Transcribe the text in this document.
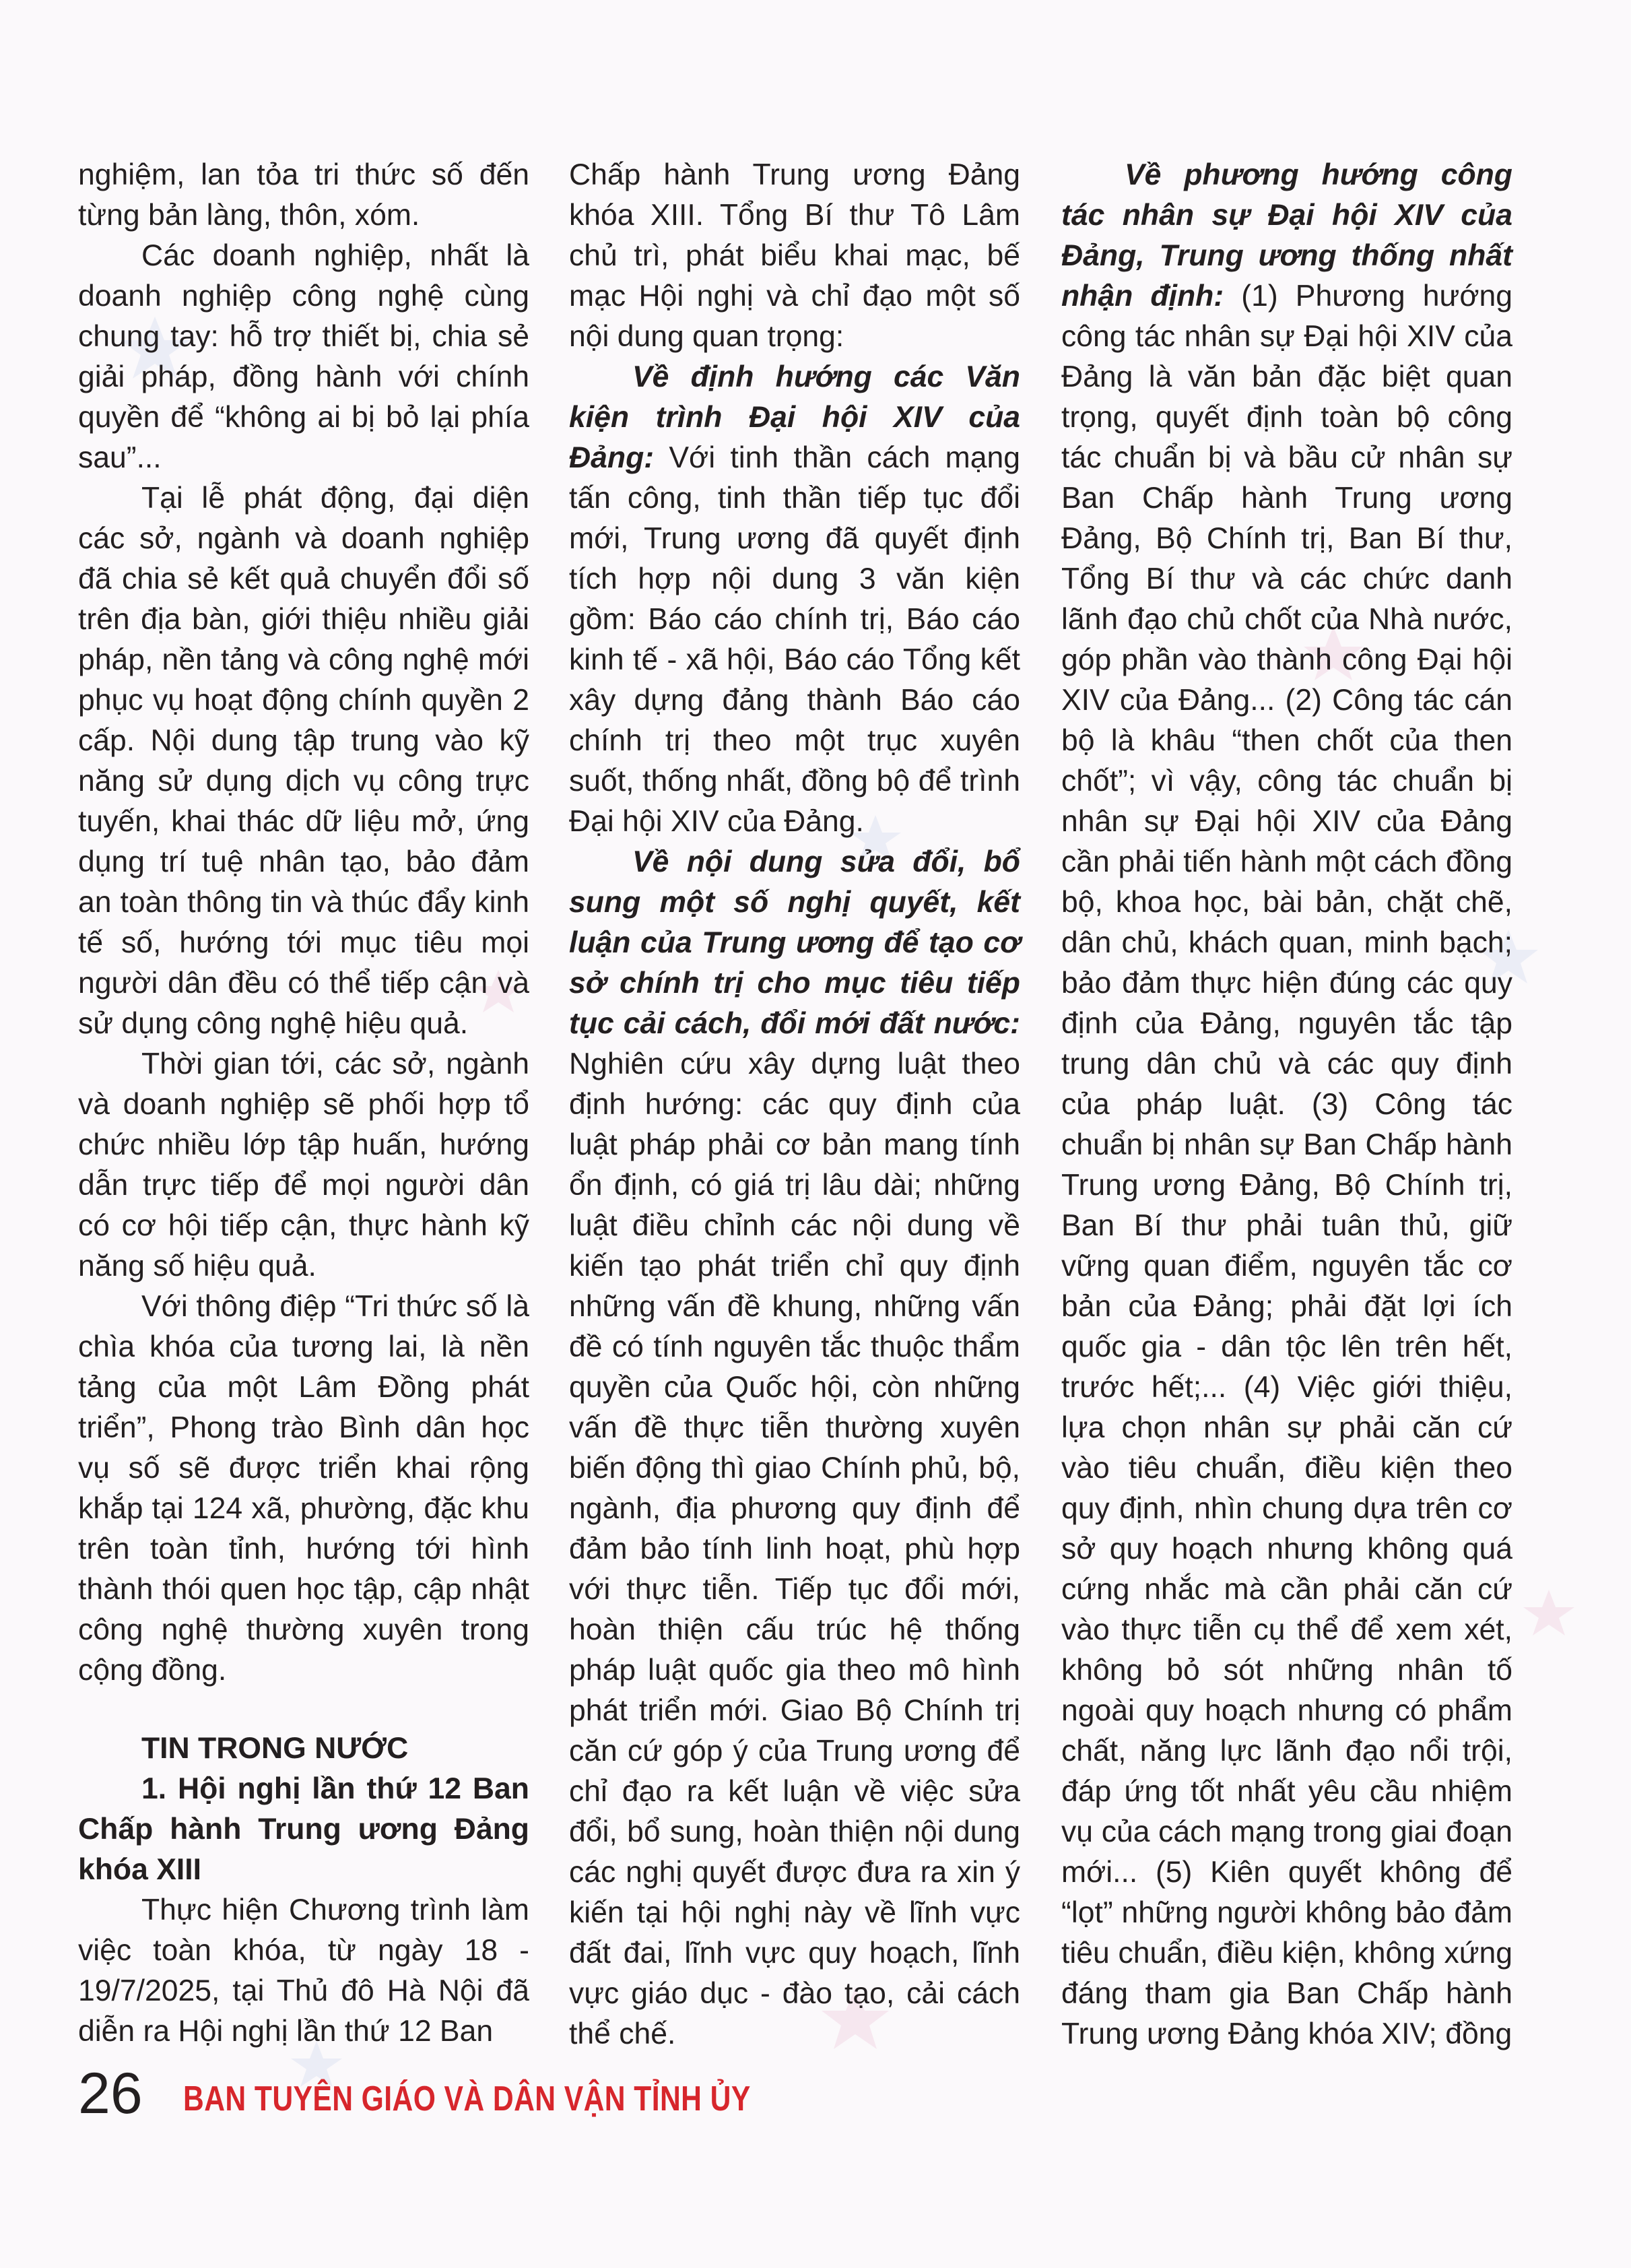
nghiệm, lan tỏa tri thức số đến từng bản làng, thôn, xóm.

Các doanh nghiệp, nhất là doanh nghiệp công nghệ cùng chung tay: hỗ trợ thiết bị, chia sẻ giải pháp, đồng hành với chính quyền để “không ai bị bỏ lại phía sau”...

Tại lễ phát động, đại diện các sở, ngành và doanh nghiệp đã chia sẻ kết quả chuyển đổi số trên địa bàn, giới thiệu nhiều giải pháp, nền tảng và công nghệ mới phục vụ hoạt động chính quyền 2 cấp. Nội dung tập trung vào kỹ năng sử dụng dịch vụ công trực tuyến, khai thác dữ liệu mở, ứng dụng trí tuệ nhân tạo, bảo đảm an toàn thông tin và thúc đẩy kinh tế số, hướng tới mục tiêu mọi người dân đều có thể tiếp cận và sử dụng công nghệ hiệu quả.

Thời gian tới, các sở, ngành và doanh nghiệp sẽ phối hợp tổ chức nhiều lớp tập huấn, hướng dẫn trực tiếp để mọi người dân có cơ hội tiếp cận, thực hành kỹ năng số hiệu quả.

Với thông điệp “Tri thức số là chìa khóa của tương lai, là nền tảng của một Lâm Đồng phát triển”, Phong trào Bình dân học vụ số sẽ được triển khai rộng khắp tại 124 xã, phường, đặc khu trên toàn tỉnh, hướng tới hình thành thói quen học tập, cập nhật công nghệ thường xuyên trong cộng đồng.

TIN TRONG NƯỚC

1. Hội nghị lần thứ 12 Ban Chấp hành Trung ương Đảng khóa XIII

Thực hiện Chương trình làm việc toàn khóa, từ ngày 18 - 19/7/2025, tại Thủ đô Hà Nội đã diễn ra Hội nghị lần thứ 12 Ban

Chấp hành Trung ương Đảng khóa XIII. Tổng Bí thư Tô Lâm chủ trì, phát biểu khai mạc, bế mạc Hội nghị và chỉ đạo một số nội dung quan trọng:

Về định hướng các Văn kiện trình Đại hội XIV của Đảng: Với tinh thần cách mạng tấn công, tinh thần tiếp tục đổi mới, Trung ương đã quyết định tích hợp nội dung 3 văn kiện gồm: Báo cáo chính trị, Báo cáo kinh tế - xã hội, Báo cáo Tổng kết xây dựng đảng thành Báo cáo chính trị theo một trục xuyên suốt, thống nhất, đồng bộ để trình Đại hội XIV của Đảng.

Về nội dung sửa đổi, bổ sung một số nghị quyết, kết luận của Trung ương để tạo cơ sở chính trị cho mục tiêu tiếp tục cải cách, đổi mới đất nước: Nghiên cứu xây dựng luật theo định hướng: các quy định của luật pháp phải cơ bản mang tính ổn định, có giá trị lâu dài; những luật điều chỉnh các nội dung về kiến tạo phát triển chỉ quy định những vấn đề khung, những vấn đề có tính nguyên tắc thuộc thẩm quyền của Quốc hội, còn những vấn đề thực tiễn thường xuyên biến động thì giao Chính phủ, bộ, ngành, địa phương quy định để đảm bảo tính linh hoạt, phù hợp với thực tiễn. Tiếp tục đổi mới, hoàn thiện cấu trúc hệ thống pháp luật quốc gia theo mô hình phát triển mới. Giao Bộ Chính trị căn cứ góp ý của Trung ương để chỉ đạo ra kết luận về việc sửa đổi, bổ sung, hoàn thiện nội dung các nghị quyết được đưa ra xin ý kiến tại hội nghị này về lĩnh vực đất đai, lĩnh vực quy hoạch, lĩnh vực giáo dục - đào tạo, cải cách thể chế.

Về phương hướng công tác nhân sự Đại hội XIV của Đảng, Trung ương thống nhất nhận định: (1) Phương hướng công tác nhân sự Đại hội XIV của Đảng là văn bản đặc biệt quan trọng, quyết định toàn bộ công tác chuẩn bị và bầu cử nhân sự Ban Chấp hành Trung ương Đảng, Bộ Chính trị, Ban Bí thư, Tổng Bí thư và các chức danh lãnh đạo chủ chốt của Nhà nước, góp phần vào thành công Đại hội XIV của Đảng... (2) Công tác cán bộ là khâu “then chốt của then chốt”; vì vậy, công tác chuẩn bị nhân sự Đại hội XIV của Đảng cần phải tiến hành một cách đồng bộ, khoa học, bài bản, chặt chẽ, dân chủ, khách quan, minh bạch; bảo đảm thực hiện đúng các quy định của Đảng, nguyên tắc tập trung dân chủ và các quy định của pháp luật. (3) Công tác chuẩn bị nhân sự Ban Chấp hành Trung ương Đảng, Bộ Chính trị, Ban Bí thư phải tuân thủ, giữ vững quan điểm, nguyên tắc cơ bản của Đảng; phải đặt lợi ích quốc gia - dân tộc lên trên hết, trước hết;... (4) Việc giới thiệu, lựa chọn nhân sự phải căn cứ vào tiêu chuẩn, điều kiện theo quy định, nhìn chung dựa trên cơ sở quy hoạch nhưng không quá cứng nhắc mà cần phải căn cứ vào thực tiễn cụ thể để xem xét, không bỏ sót những nhân tố ngoài quy hoạch nhưng có phẩm chất, năng lực lãnh đạo nổi trội, đáp ứng tốt nhất yêu cầu nhiệm vụ của cách mạng trong giai đoạn mới... (5) Kiên quyết không để “lọt” những người không bảo đảm tiêu chuẩn, điều kiện, không xứng đáng tham gia Ban Chấp hành Trung ương Đảng khóa XIV; đồng

26 BAN TUYÊN GIÁO VÀ DÂN VẬN TỈNH ỦY
